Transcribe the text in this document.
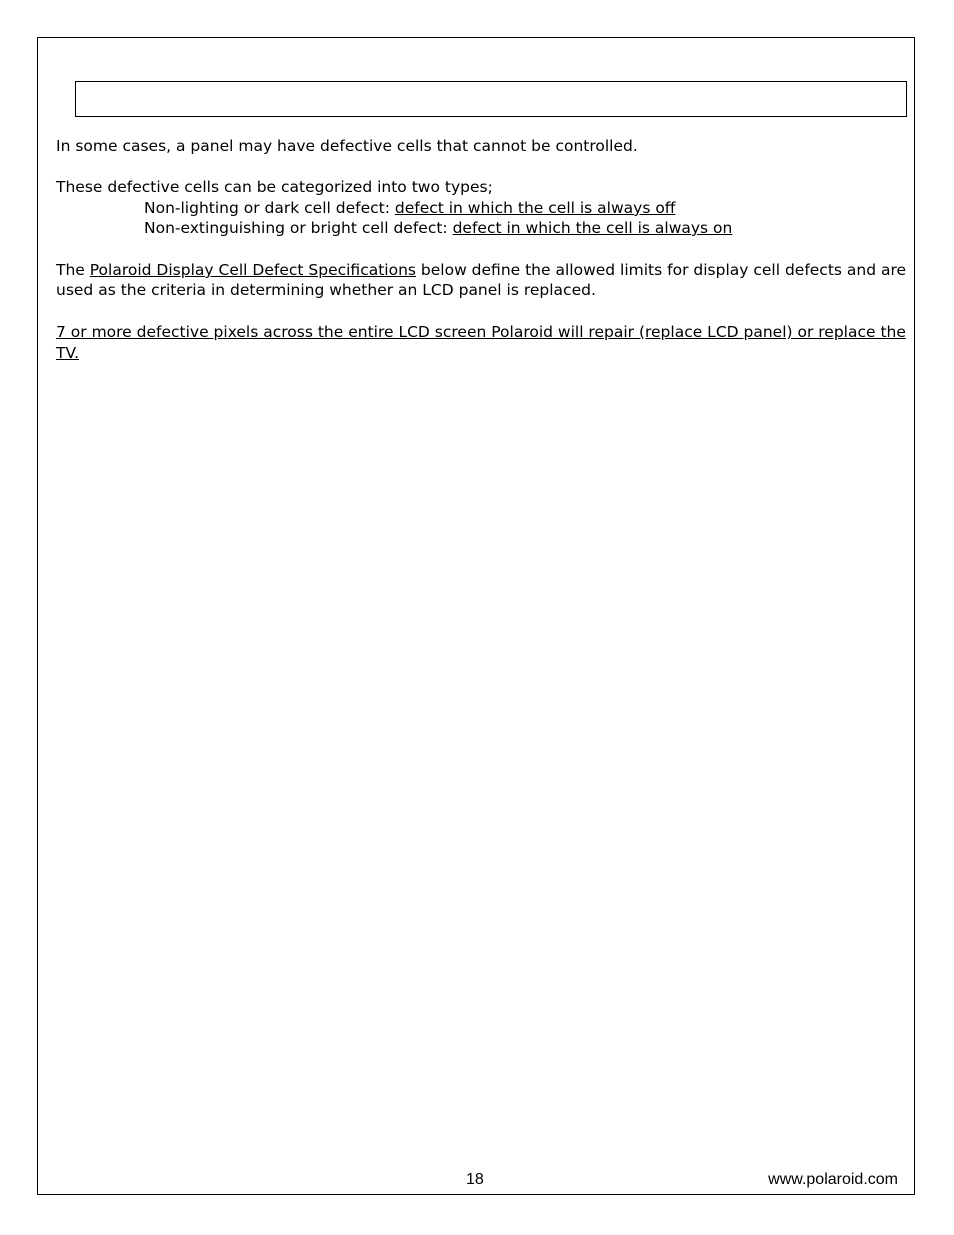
In some cases, a panel may have defective cells that cannot be controlled.
These defective cells can be categorized into two types;
Non-lighting or dark cell defect: defect in which the cell is always off
Non-extinguishing or bright cell defect: defect in which the cell is always on
The Polaroid Display Cell Defect Specifications below define the allowed limits for display cell defects and are
used as the criteria in determining whether an LCD panel is replaced.
7 or more defective pixels across the entire LCD screen Polaroid will repair (replace LCD panel) or replace the
TV.
18	www.polaroid.com
